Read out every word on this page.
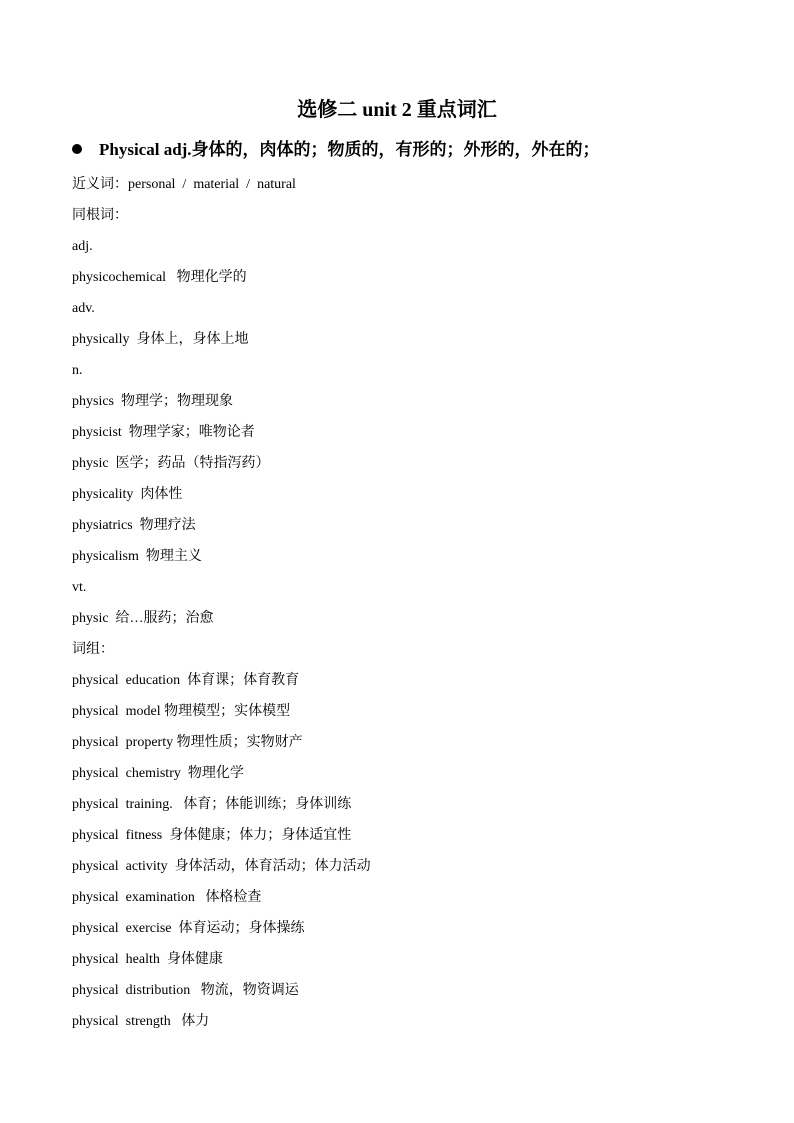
选修二 unit 2 重点词汇
Physical adj.身体的，肉体的；物质的，有形的；外形的，外在的；
近义词：personal  /  material  /  natural
同根词：
adj.
physicochemical   物理化学的
adv.
physically  身体上，身体上地
n.
physics  物理学；物理现象
physicist  物理学家；唯物论者
physic  医学；药品（特指泻药）
physicality  肉体性
physiatrics  物理疗法
physicalism  物理主义
vt.
physic  给…服药；治愈
词组：
physical  education  体育课；体育教育
physical  model 物理模型；实体模型
physical  property 物理性质；实物财产
physical  chemistry  物理化学
physical  training.   体育；体能训练；身体训练
physical  fitness  身体健康；体力；身体适宜性
physical  activity  身体活动，体育活动；体力活动
physical  examination   体格检查
physical  exercise  体育运动；身体操练
physical  health  身体健康
physical  distribution   物流，物资调运
physical  strength   体力
